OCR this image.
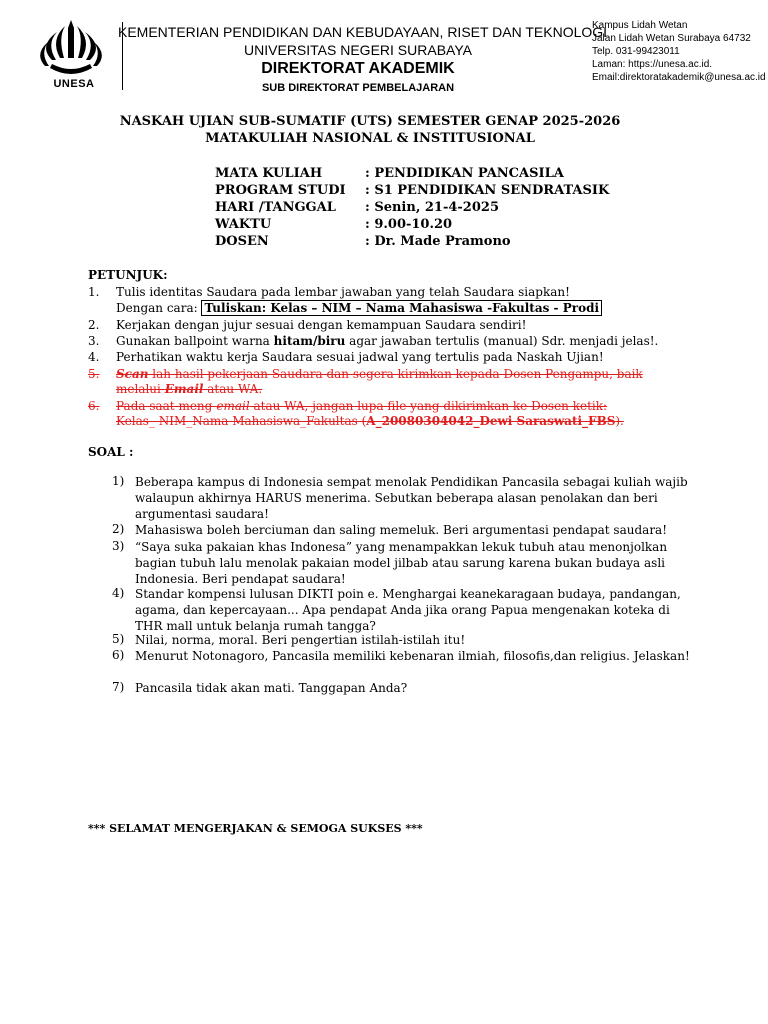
UNESA
KEMENTERIAN PENDIDIKAN DAN KEBUDAYAAN, RISET DAN TEKNOLOGI
UNIVERSITAS NEGERI SURABAYA
DIREKTORAT AKADEMIK
SUB DIREKTORAT PEMBELAJARAN
Kampus Lidah Wetan
Jalan Lidah Wetan Surabaya 64732
Telp. 031-99423011
Laman: https://unesa.ac.id.
Email:direktoratakademik@unesa.ac.id
NASKAH UJIAN SUB-SUMATIF (UTS) SEMESTER GENAP 2025-2026
MATAKULIAH NASIONAL & INSTITUSIONAL
MATA KULIAH	: PENDIDIKAN PANCASILA
PROGRAM STUDI : S1 PENDIDIKAN SENDRATASIK
HARI /TANGGAL : Senin, 21-4-2025
WAKTU	: 9.00-10.20
DOSEN	: Dr. Made Pramono
PETUNJUK:
1. Tulis identitas Saudara pada lembar jawaban yang telah Saudara siapkan!
Dengan cara: Tuliskan: Kelas – NIM – Nama Mahasiswa -Fakultas - Prodi
2. Kerjakan dengan jujur sesuai dengan kemampuan Saudara sendiri!
3. Gunakan ballpoint warna hitam/biru agar jawaban tertulis (manual) Sdr. menjadi jelas!.
4. Perhatikan waktu kerja Saudara sesuai jadwal yang tertulis pada Naskah Ujian!
5. Scan lah hasil pekerjaan Saudara dan segera kirimkan kepada Dosen Pengampu, baik
melalui Email atau WA.
6. Pada saat meng-email atau WA, jangan lupa file yang dikirimkan ke Dosen ketik:
Kelas_ NIM_Nama Mahasiswa_Fakultas (A_20080304042_Dewi Saraswati_FBS).
SOAL :
1) Beberapa kampus di Indonesia sempat menolak Pendidikan Pancasila sebagai kuliah wajib walaupun akhirnya HARUS menerima. Sebutkan beberapa alasan penolakan dan beri argumentasi saudara!
2) Mahasiswa boleh berciuman dan saling memeluk. Beri argumentasi pendapat saudara!
3) “Saya suka pakaian khas Indonesa” yang menampakkan lekuk tubuh atau menonjolkan bagian tubuh lalu menolak pakaian model jilbab atau sarung karena bukan budaya asli Indonesia. Beri pendapat saudara!
4) Standar kompensi lulusan DIKTI poin e. Menghargai keanekaragaan budaya, pandangan, agama, dan kepercayaan... Apa pendapat Anda jika orang Papua mengenakan koteka di THR mall untuk belanja rumah tangga?
5) Nilai, norma, moral. Beri pengertian istilah-istilah itu!
6) Menurut Notonagoro, Pancasila memiliki kebenaran ilmiah, filosofis,dan religius. Jelaskan!
7) Pancasila tidak akan mati. Tanggapan Anda?
*** SELAMAT MENGERJAKAN & SEMOGA SUKSES ***
